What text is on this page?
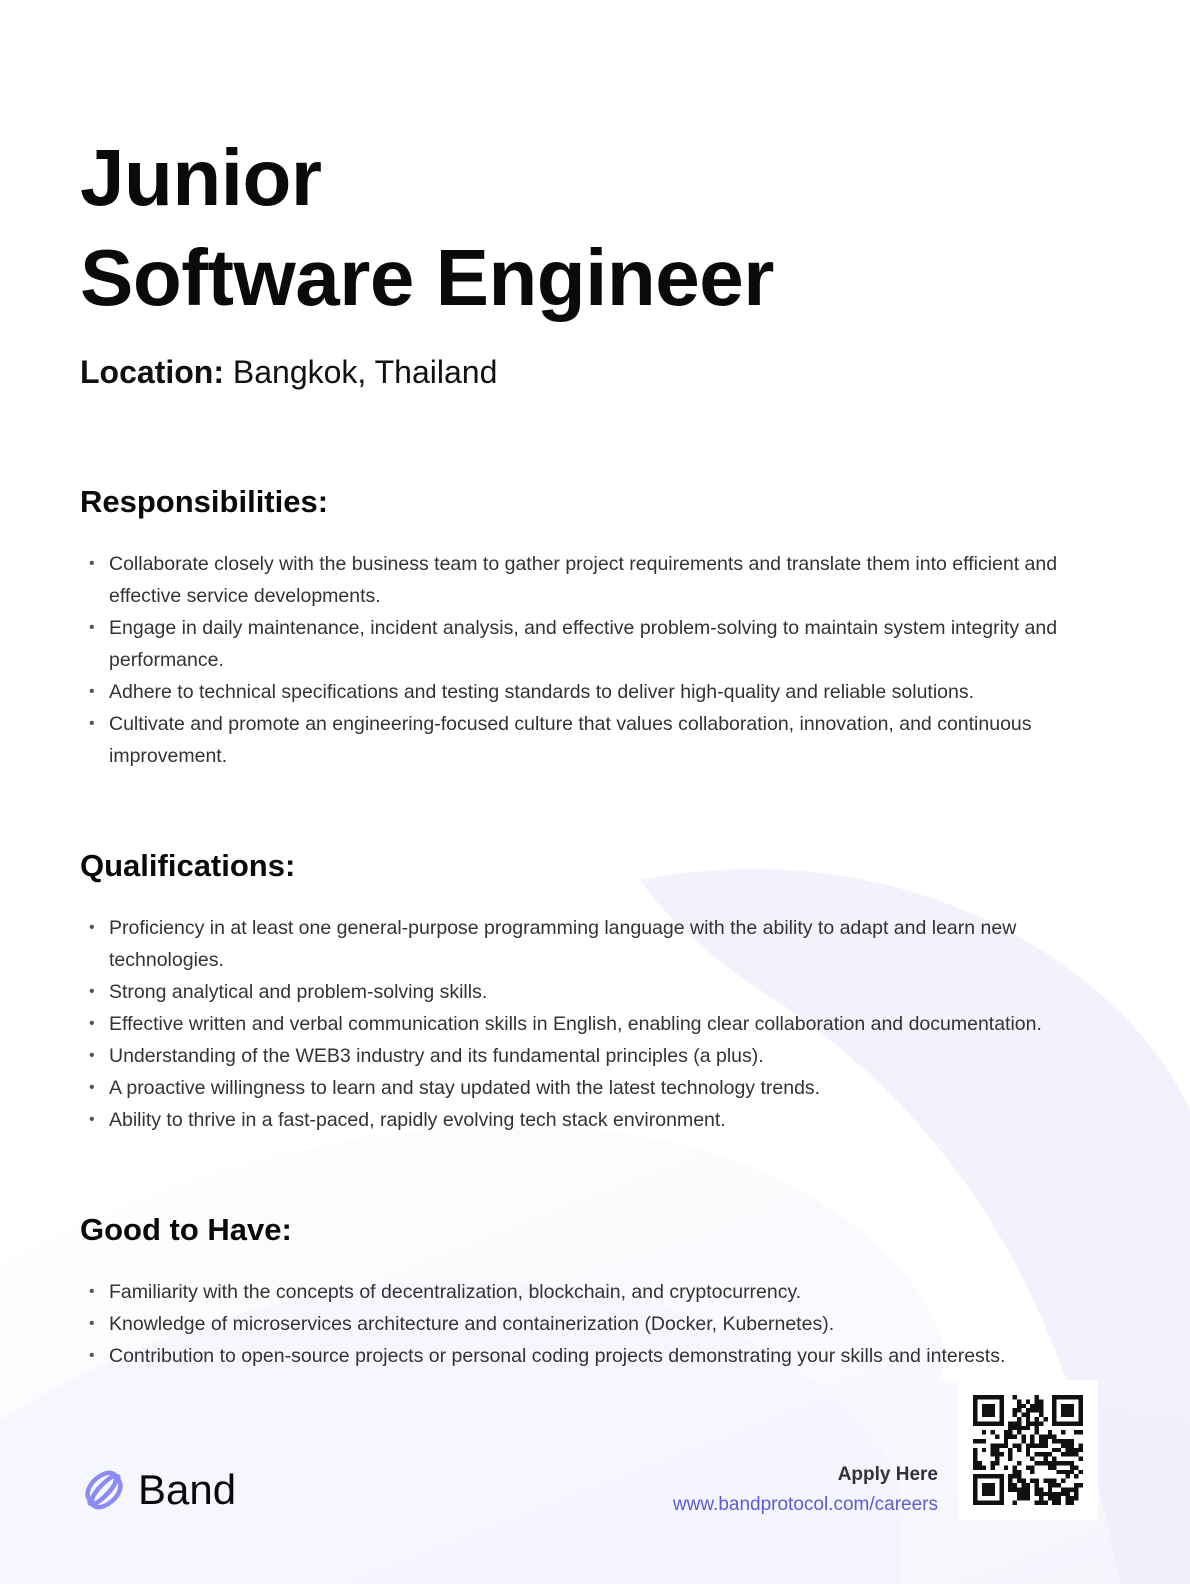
Junior
Software Engineer

Location: Bangkok, Thailand

Responsibilities:
• Collaborate closely with the business team to gather project requirements and translate them into efficient and effective service developments.
• Engage in daily maintenance, incident analysis, and effective problem-solving to maintain system integrity and performance.
• Adhere to technical specifications and testing standards to deliver high-quality and reliable solutions.
• Cultivate and promote an engineering-focused culture that values collaboration, innovation, and continuous improvement.
Qualifications:
• Proficiency in at least one general-purpose programming language with the ability to adapt and learn new technologies.
• Strong analytical and problem-solving skills.
• Effective written and verbal communication skills in English, enabling clear collaboration and documentation.
• Understanding of the WEB3 industry and its fundamental principles (a plus).
• A proactive willingness to learn and stay updated with the latest technology trends.
• Ability to thrive in a fast-paced, rapidly evolving tech stack environment.
Good to Have:
• Familiarity with the concepts of decentralization, blockchain, and cryptocurrency.
• Knowledge of microservices architecture and containerization (Docker, Kubernetes).
• Contribution to open-source projects or personal coding projects demonstrating your skills and interests.
Band	Apply Here
www.bandprotocol.com/careers
